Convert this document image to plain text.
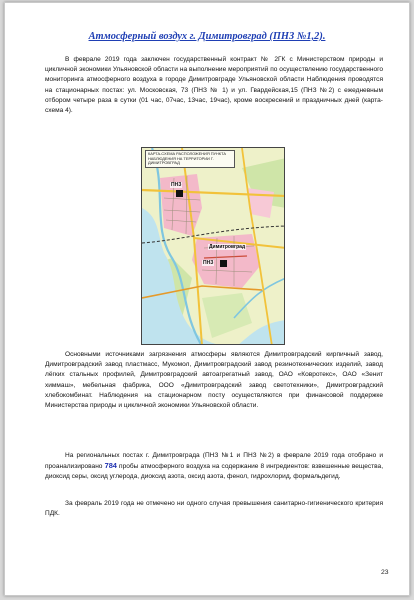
Атмосферный воздух г. Димитровград (ПНЗ №1,2).

В феврале 2019 года заключен государственный контракт № 2ГК с Министерством природы и цикличной экономики Ульяновской области на выполнение мероприятий по осуществлению государственного мониторинга атмосферного воздуха в городе Димитровграде Ульяновской области Наблюдения проводятся на стационарных постах: ул. Московская, 73 (ПНЗ № 1) и ул. Гвардейская,15 (ПНЗ №2) с ежедневным отбором четыре раза в сутки (01 час, 07час, 13час, 19час), кроме воскресений и праздничных дней (карта-схема 4).

КАРТА-СХЕМА РАСПОЛОЖЕНИЯ ПУНКТА НАБЛЮДЕНИЯ НА ТЕРРИТОРИИ Г. ДИМИТРОВГРАД
ПНЗ
ПНЗ
Димитровград

Основными источниками загрязнения атмосферы являются Димитровградский кирпичный завод, Димитровградский завод пластмасс, Мукомол, Димитровградский завод резинотехнических изделий, завод лёгких стальных профилей, Димитровградский автоагрегатный завод, ОАО «Ковротекс», ОАО «Зенит химмаш», мебельная фабрика, ООО «Димитровградский завод светотехники», Димитровградский хлебокомбинат. Наблюдения на стационарном посту осуществляются при финансовой поддержке Министерства природы и цикличной экономики Ульяновской области.

На региональных постах г. Димитровграда (ПНЗ №1 и ПНЗ №2) в феврале 2019 года отобрано и проанализировано 784 пробы атмосферного воздуха на содержание 8 ингредиентов: взвешенные вещества, диоксид серы, оксид углерода, диоксид азота, оксид азота, фенол, гидрохлорид, формальдегид.

За февраль 2019 года не отмечено ни одного случая превышения санитарно-гигиенического критерия ПДК.

23
